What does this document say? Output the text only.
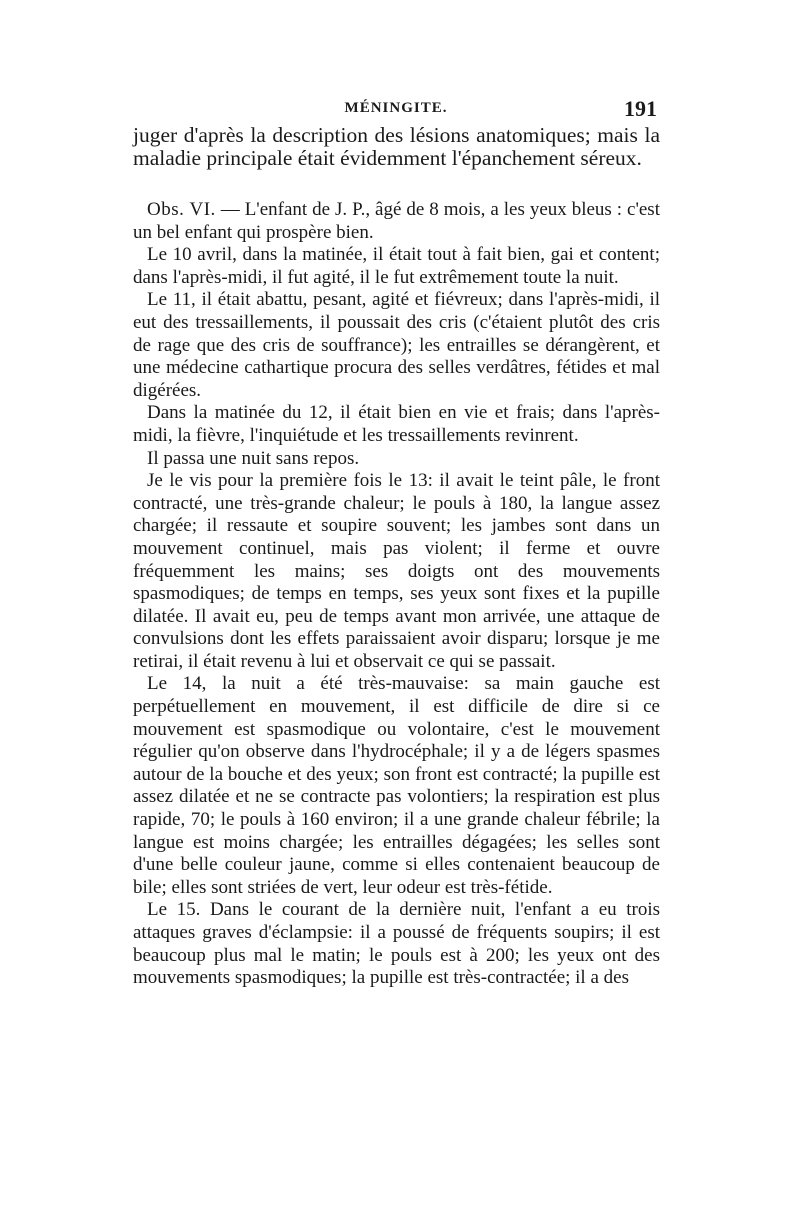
MÉNINGITE.	191

juger d'après la description des lésions anatomiques; mais la maladie principale était évidemment l'épanchement séreux.

Obs. VI. — L'enfant de J. P., âgé de 8 mois, a les yeux bleus : c'est un bel enfant qui prospère bien.

Le 10 avril, dans la matinée, il était tout à fait bien, gai et content; dans l'après-midi, il fut agité, il le fut extrêmement toute la nuit.

Le 11, il était abattu, pesant, agité et fiévreux; dans l'après-midi, il eut des tressaillements, il poussait des cris (c'étaient plutôt des cris de rage que des cris de souffrance); les entrailles se dérangèrent, et une médecine cathartique procura des selles verdâtres, fétides et mal digérées.

Dans la matinée du 12, il était bien en vie et frais; dans l'après-midi, la fièvre, l'inquiétude et les tressaillements revinrent.

Il passa une nuit sans repos.

Je le vis pour la première fois le 13: il avait le teint pâle, le front contracté, une très-grande chaleur; le pouls à 180, la langue assez chargée; il ressaute et soupire souvent; les jambes sont dans un mouvement continuel, mais pas violent; il ferme et ouvre fréquemment les mains; ses doigts ont des mouvements spasmodiques; de temps en temps, ses yeux sont fixes et la pupille dilatée. Il avait eu, peu de temps avant mon arrivée, une attaque de convulsions dont les effets paraissaient avoir disparu; lorsque je me retirai, il était revenu à lui et observait ce qui se passait.

Le 14, la nuit a été très-mauvaise: sa main gauche est perpétuellement en mouvement, il est difficile de dire si ce mouvement est spasmodique ou volontaire, c'est le mouvement régulier qu'on observe dans l'hydrocéphale; il y a de légers spasmes autour de la bouche et des yeux; son front est contracté; la pupille est assez dilatée et ne se contracte pas volontiers; la respiration est plus rapide, 70; le pouls à 160 environ; il a une grande chaleur fébrile; la langue est moins chargée; les entrailles dégagées; les selles sont d'une belle couleur jaune, comme si elles contenaient beaucoup de bile; elles sont striées de vert, leur odeur est très-fétide.

Le 15. Dans le courant de la dernière nuit, l'enfant a eu trois attaques graves d'éclampsie: il a poussé de fréquents soupirs; il est beaucoup plus mal le matin; le pouls est à 200; les yeux ont des mouvements spasmodiques; la pupille est très-contractée; il a des
